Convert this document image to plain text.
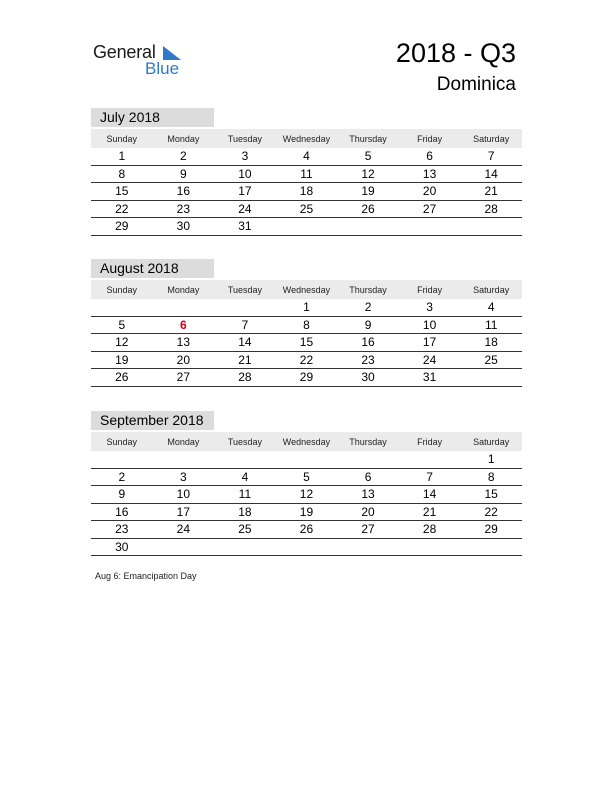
General
Blue
2018 - Q3
Dominica
July 2018
Sunday	Monday	Tuesday	Wednesday	Thursday	Friday	Saturday
1	2	3	4	5	6	7
8	9	10	11	12	13	14
15	16	17	18	19	20	21
22	23	24	25	26	27	28
29	30	31				
August 2018
Sunday	Monday	Tuesday	Wednesday	Thursday	Friday	Saturday
			1	2	3	4
5	6	7	8	9	10	11
12	13	14	15	16	17	18
19	20	21	22	23	24	25
26	27	28	29	30	31	
September 2018
Sunday	Monday	Tuesday	Wednesday	Thursday	Friday	Saturday
						1
2	3	4	5	6	7	8
9	10	11	12	13	14	15
16	17	18	19	20	21	22
23	24	25	26	27	28	29
30						
Aug 6: Emancipation Day
